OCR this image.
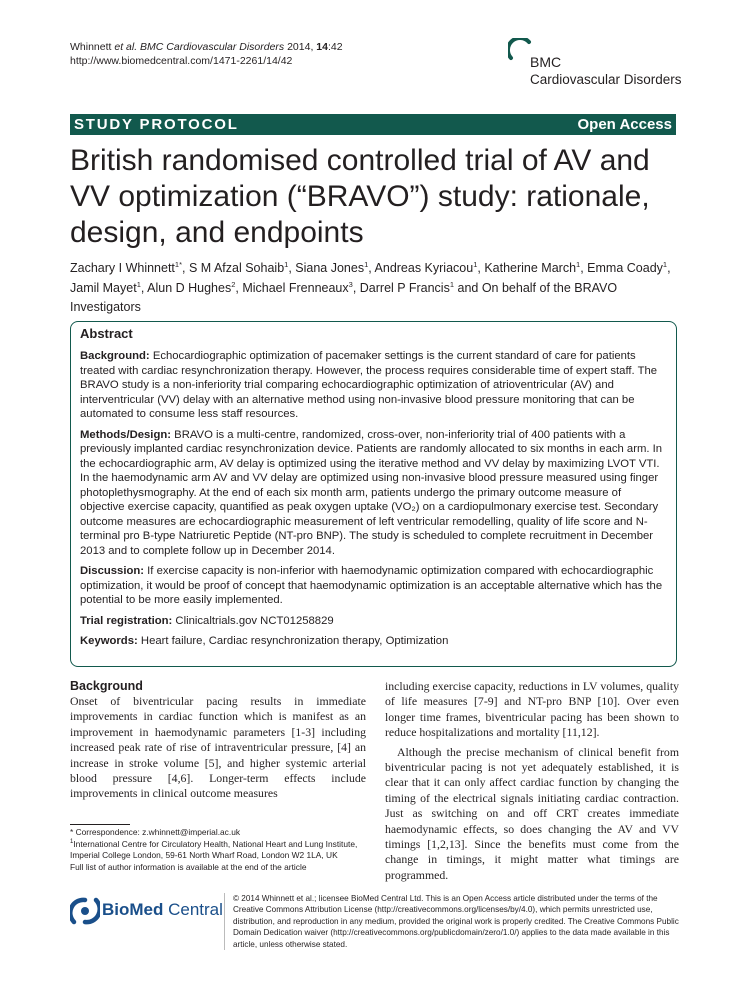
Whinnett et al. BMC Cardiovascular Disorders 2014, 14:42
http://www.biomedcentral.com/1471-2261/14/42	BMC
Cardiovascular Disorders
STUDY PROTOCOL	Open Access
British randomised controlled trial of AV and VV optimization (“BRAVO”) study: rationale, design, and endpoints
Zachary I Whinnett$^{1*}$, S M Afzal Sohaib$^1$, Siana Jones$^1$, Andreas Kyriacou$^1$, Katherine March$^1$, Emma Coady$^1$, Jamil Mayet$^1$, Alun D Hughes$^2$, Michael Frenneaux$^3$, Darrel P Francis$^1$ and On behalf of the BRAVO Investigators
Abstract

Background: Echocardiographic optimization of pacemaker settings is the current standard of care for patients treated with cardiac resynchronization therapy. However, the process requires considerable time of expert staff. The BRAVO study is a non-inferiority trial comparing echocardiographic optimization of atrioventricular (AV) and interventricular (VV) delay with an alternative method using non-invasive blood pressure monitoring that can be automated to consume less staff resources.

Methods/Design: BRAVO is a multi-centre, randomized, cross-over, non-inferiority trial of 400 patients with a previously implanted cardiac resynchronization device. Patients are randomly allocated to six months in each arm. In the echocardiographic arm, AV delay is optimized using the iterative method and VV delay by maximizing LVOT VTI. In the haemodynamic arm AV and VV delay are optimized using non-invasive blood pressure measured using finger photoplethysmography. At the end of each six month arm, patients undergo the primary outcome measure of objective exercise capacity, quantified as peak oxygen uptake (VO₂) on a cardiopulmonary exercise test. Secondary outcome measures are echocardiographic measurement of left ventricular remodelling, quality of life score and N-terminal pro B-type Natriuretic Peptide (NT-pro BNP). The study is scheduled to complete recruitment in December 2013 and to complete follow up in December 2014.

Discussion: If exercise capacity is non-inferior with haemodynamic optimization compared with echocardiographic optimization, it would be proof of concept that haemodynamic optimization is an acceptable alternative which has the potential to be more easily implemented.

Trial registration: Clinicaltrials.gov NCT01258829

Keywords: Heart failure, Cardiac resynchronization therapy, Optimization

Background

Onset of biventricular pacing results in immediate improvements in cardiac function which is manifest as an improvement in haemodynamic parameters [1-3] including increased peak rate of rise of intraventricular pressure, [4] an increase in stroke volume [5], and higher systemic arterial blood pressure [4,6]. Longer-term effects include improvements in clinical outcome measures

including exercise capacity, reductions in LV volumes, quality of life measures [7-9] and NT-pro BNP [10]. Over even longer time frames, biventricular pacing has been shown to reduce hospitalizations and mortality [11,12].

Although the precise mechanism of clinical benefit from biventricular pacing is not yet adequately established, it is clear that it can only affect cardiac function by changing the timing of the electrical signals initiating cardiac contraction. Just as switching on and off CRT creates immediate haemodynamic effects, so does changing the AV and VV timings [1,2,13]. Since the benefits must come from the change in timings, it might matter what timings are programmed.

* Correspondence: z.whinnett@imperial.ac.uk

$^1$International Centre for Circulatory Health, National Heart and Lung Institute, Imperial College London, 59-61 North Wharf Road, London W2 1LA, UK

Full list of author information is available at the end of the article

BioMed Central
© 2014 Whinnett et al.; licensee BioMed Central Ltd. This is an Open Access article distributed under the terms of the Creative Commons Attribution License (http://creativecommons.org/licenses/by/4.0), which permits unrestricted use, distribution, and reproduction in any medium, provided the original work is properly credited. The Creative Commons Public Domain Dedication waiver (http://creativecommons.org/publicdomain/zero/1.0/) applies to the data made available in this article, unless otherwise stated.
